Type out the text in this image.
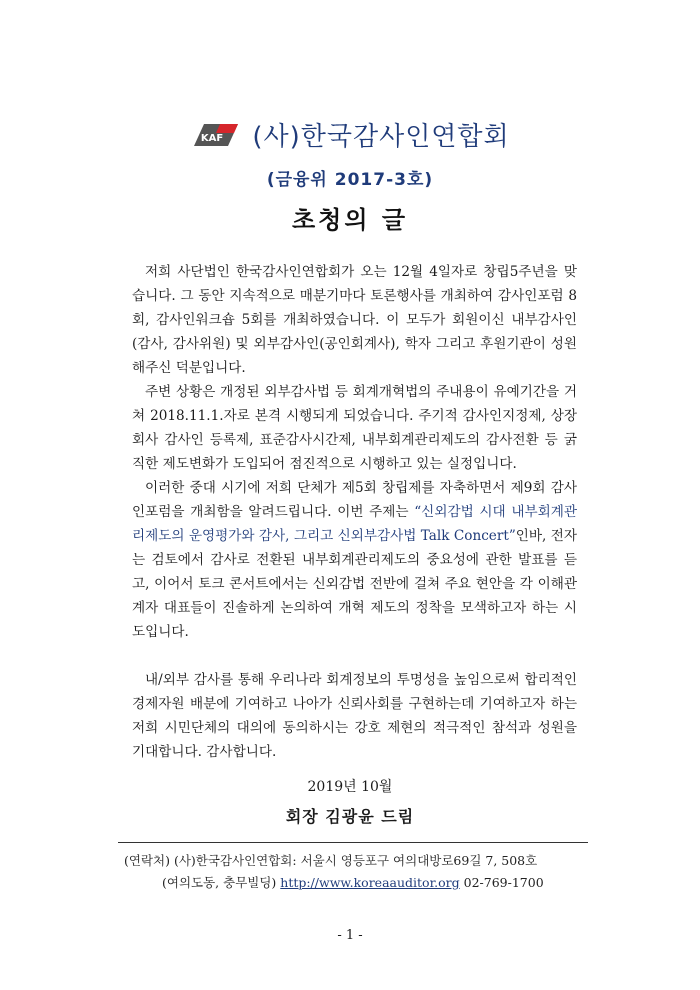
KAF (사)한국감사인연합회
(금융위 2017-3호)
초청의 글

저희 사단법인 한국감사인연합회가 오는 12월 4일자로 창립5주년을 맞습니다. 그 동안 지속적으로 매분기마다 토론행사를 개최하여 감사인포럼 8회, 감사인워크숍 5회를 개최하였습니다. 이 모두가 회원이신 내부감사인(감사, 감사위원) 및 외부감사인(공인회계사), 학자 그리고 후원기관이 성원해주신 덕분입니다.

주변 상황은 개정된 외부감사법 등 회계개혁법의 주내용이 유예기간을 거쳐 2018.11.1.자로 본격 시행되게 되었습니다. 주기적 감사인지정제, 상장회사 감사인 등록제, 표준감사시간제, 내부회계관리제도의 감사전환 등 굵직한 제도변화가 도입되어 점진적으로 시행하고 있는 실정입니다.

이러한 중대 시기에 저희 단체가 제5회 창립제를 자축하면서 제9회 감사인포럼을 개최함을 알려드립니다. 이번 주제는 “신외감법 시대 내부회계관리제도의 운영평가와 감사, 그리고 신외부감사법 Talk Concert”인바, 전자는 검토에서 감사로 전환된 내부회계관리제도의 중요성에 관한 발표를 듣고, 이어서 토크 콘서트에서는 신외감법 전반에 걸쳐 주요 현안을 각 이해관계자 대표들이 진솔하게 논의하여 개혁 제도의 정착을 모색하고자 하는 시도입니다.

내/외부 감사를 통해 우리나라 회계정보의 투명성을 높임으로써 합리적인 경제자원 배분에 기여하고 나아가 신뢰사회를 구현하는데 기여하고자 하는 저희 시민단체의 대의에 동의하시는 강호 제현의 적극적인 참석과 성원을 기대합니다. 감사합니다.

2019년 10월
회장 김광윤 드림
(연락처) (사)한국감사인연합회: 서울시 영등포구 여의대방로69길 7, 508호
(여의도동, 충무빌딩) http://www.koreaauditor.org 02-769-1700
- 1 -
